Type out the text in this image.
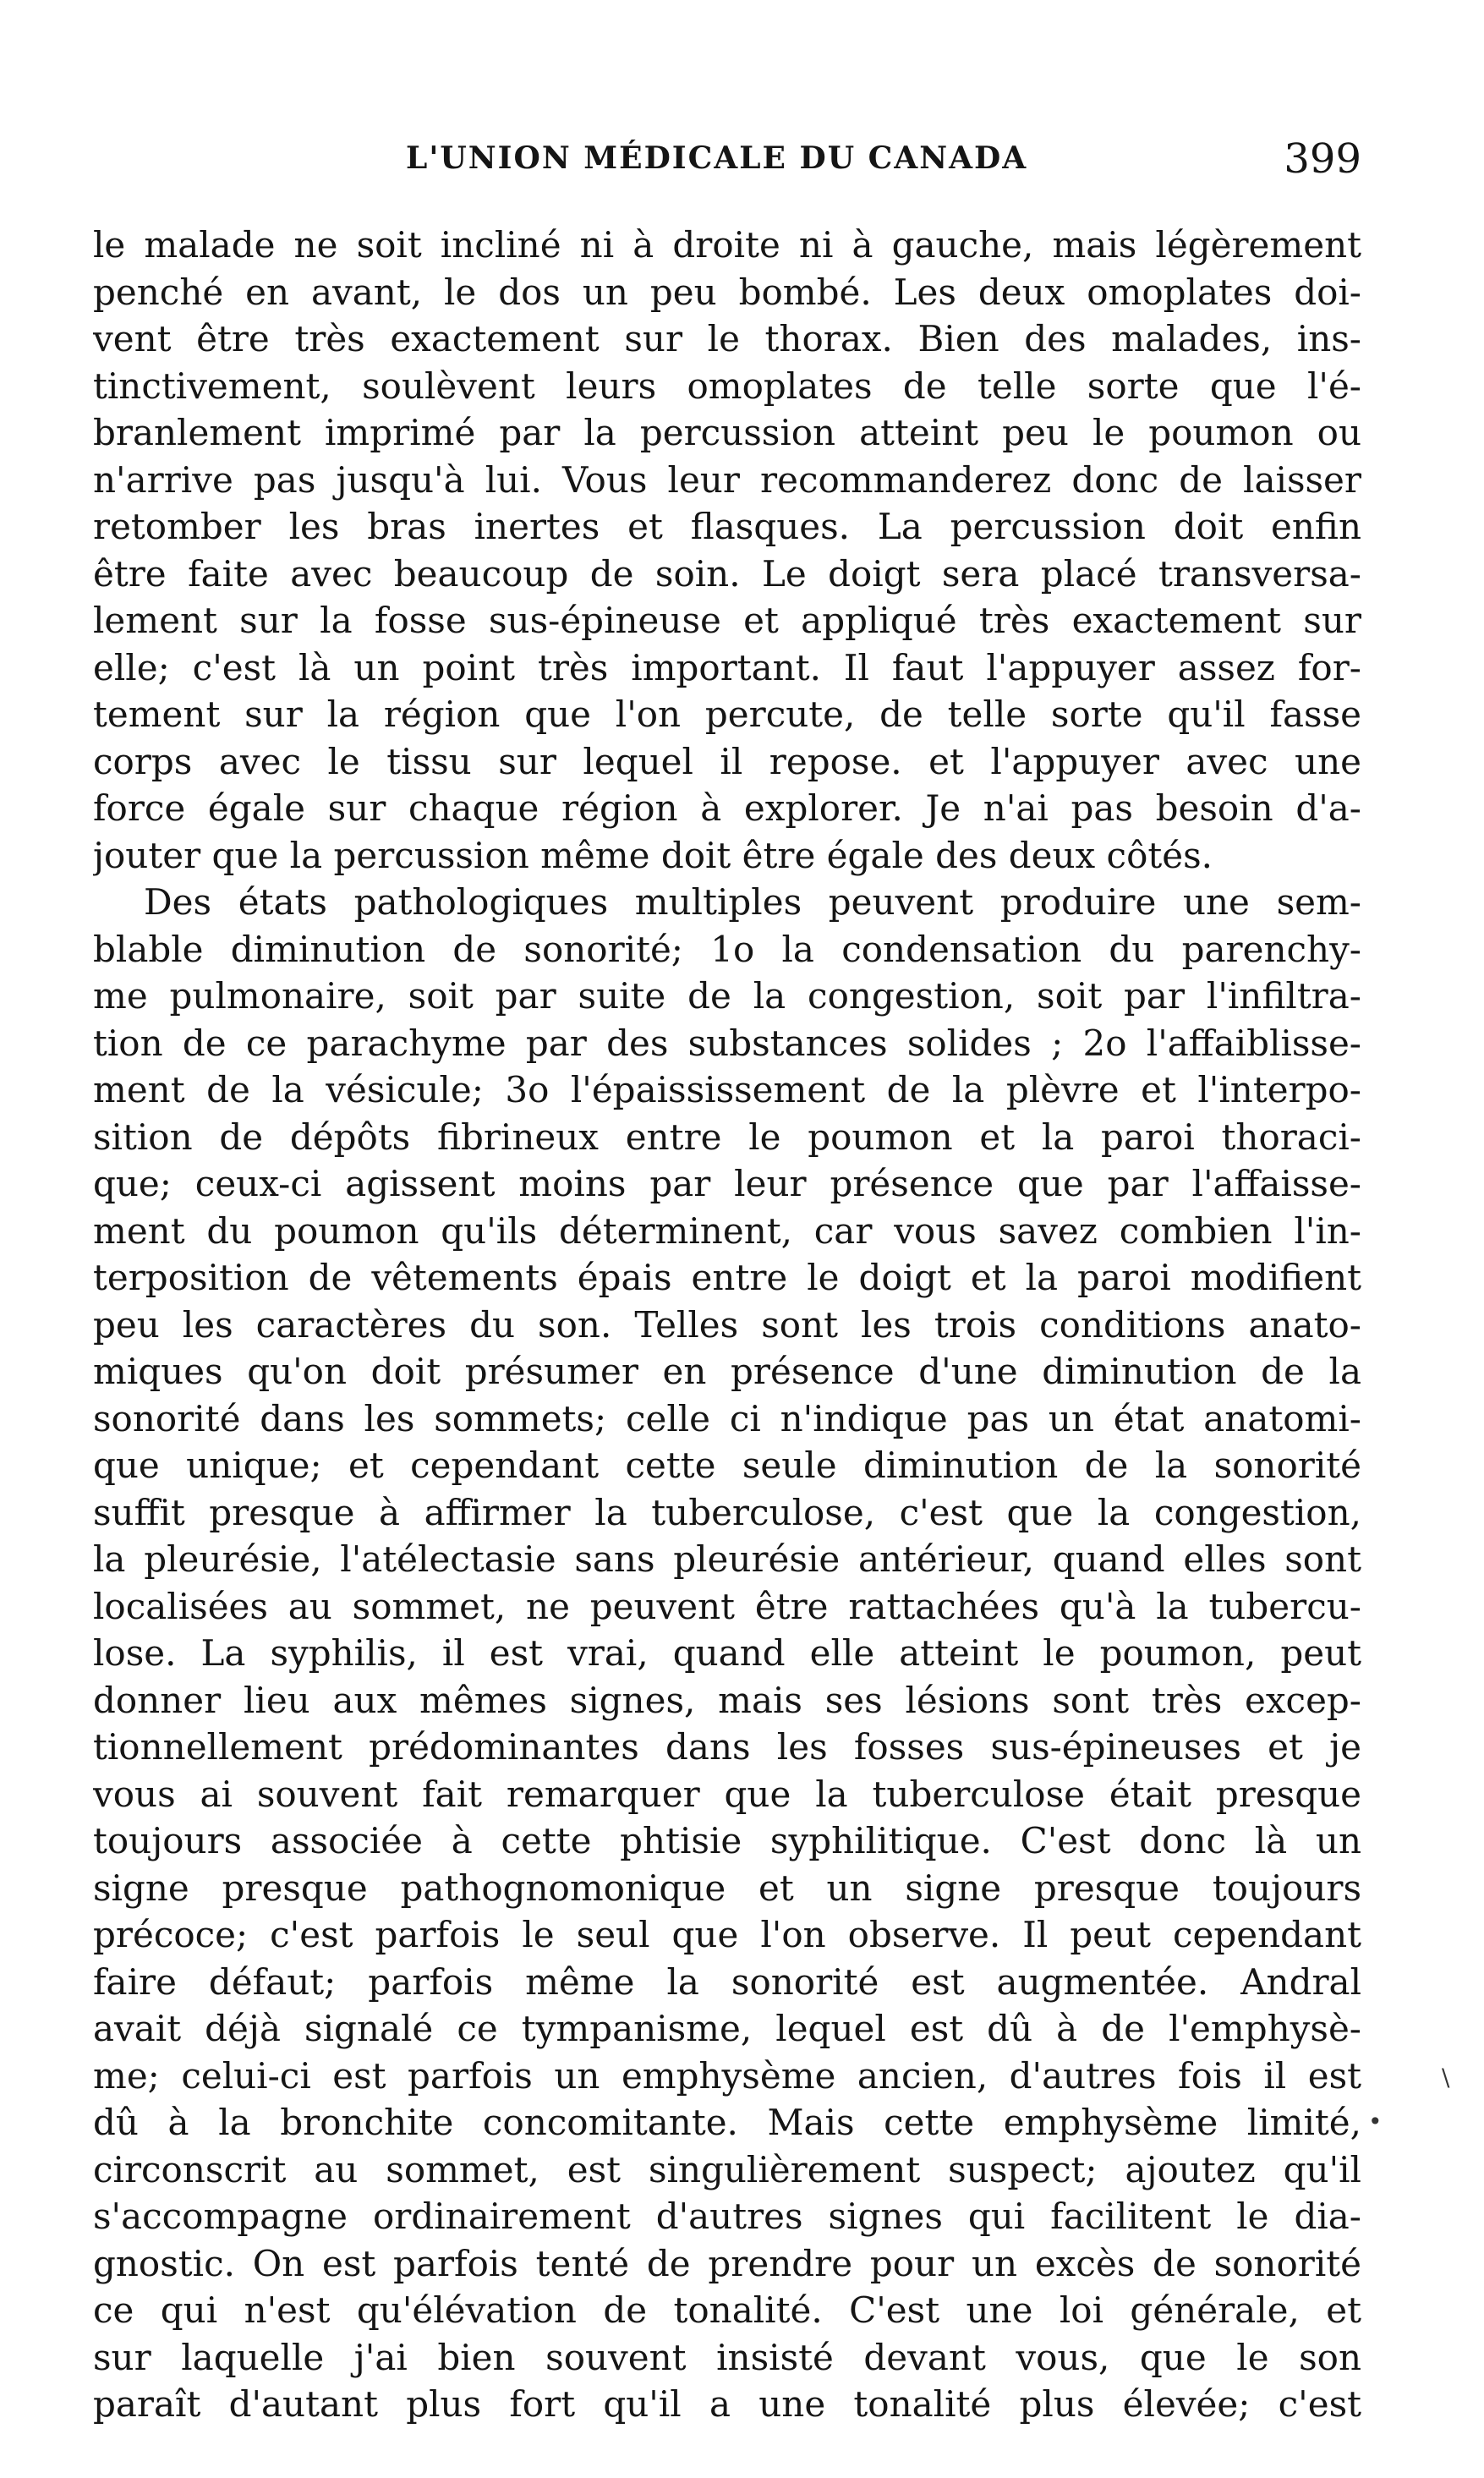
L'UNION MÉDICALE DU CANADA	399
le malade ne soit incliné ni à droite ni à gauche, mais légèrement
penché en avant, le dos un peu bombé. Les deux omoplates doi-
vent être très exactement sur le thorax. Bien des malades, ins-
tinctivement, soulèvent leurs omoplates de telle sorte que l'é-
branlement imprimé par la percussion atteint peu le poumon ou
n'arrive pas jusqu'à lui. Vous leur recommanderez donc de laisser
retomber les bras inertes et flasques. La percussion doit enfin
être faite avec beaucoup de soin. Le doigt sera placé transversa-
lement sur la fosse sus-épineuse et appliqué très exactement sur
elle; c'est là un point très important. Il faut l'appuyer assez for-
tement sur la région que l'on percute, de telle sorte qu'il fasse
corps avec le tissu sur lequel il repose. et l'appuyer avec une
force égale sur chaque région à explorer. Je n'ai pas besoin d'a-
jouter que la percussion même doit être égale des deux côtés.
Des états pathologiques multiples peuvent produire une sem-
blable diminution de sonorité; 1o la condensation du parenchy-
me pulmonaire, soit par suite de la congestion, soit par l'infiltra-
tion de ce parachyme par des substances solides ; 2o l'affaiblisse-
ment de la vésicule; 3o l'épaississement de la plèvre et l'interpo-
sition de dépôts fibrineux entre le poumon et la paroi thoraci-
que; ceux-ci agissent moins par leur présence que par l'affaisse-
ment du poumon qu'ils déterminent, car vous savez combien l'in-
terposition de vêtements épais entre le doigt et la paroi modifient
peu les caractères du son. Telles sont les trois conditions anato-
miques qu'on doit présumer en présence d'une diminution de la
sonorité dans les sommets; celle ci n'indique pas un état anatomi-
que unique; et cependant cette seule diminution de la sonorité
suffit presque à affirmer la tuberculose, c'est que la congestion,
la pleurésie, l'atélectasie sans pleurésie antérieur, quand elles sont
localisées au sommet, ne peuvent être rattachées qu'à la tubercu-
lose. La syphilis, il est vrai, quand elle atteint le poumon, peut
donner lieu aux mêmes signes, mais ses lésions sont très excep-
tionnellement prédominantes dans les fosses sus-épineuses et je
vous ai souvent fait remarquer que la tuberculose était presque
toujours associée à cette phtisie syphilitique. C'est donc là un
signe presque pathognomonique et un signe presque toujours
précoce; c'est parfois le seul que l'on observe. Il peut cependant
faire défaut; parfois même la sonorité est augmentée. Andral
avait déjà signalé ce tympanisme, lequel est dû à de l'emphysè-
me; celui-ci est parfois un emphysème ancien, d'autres fois il est
dû à la bronchite concomitante. Mais cette emphysème limité,
circonscrit au sommet, est singulièrement suspect; ajoutez qu'il
s'accompagne ordinairement d'autres signes qui facilitent le dia-
gnostic. On est parfois tenté de prendre pour un excès de sonorité
ce qui n'est qu'élévation de tonalité. C'est une loi générale, et
sur laquelle j'ai bien souvent insisté devant vous, que le son
paraît d'autant plus fort qu'il a une tonalité plus élevée; c'est
•
\
